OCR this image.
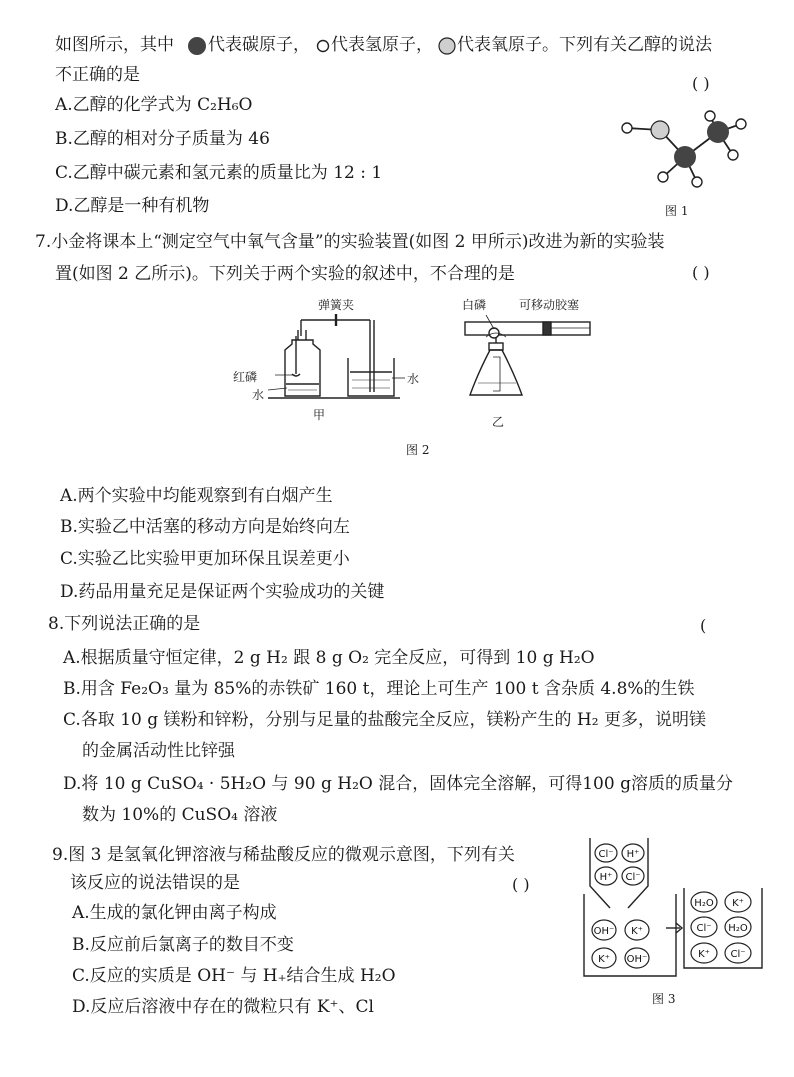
如图所示，其中 代表碳原子， 代表氢原子， 代表氧原子。下列有关乙醇的说法
不正确的是	( )
A.乙醇的化学式为 C₂H₆O
B.乙醇的相对分子质量为 46
C.乙醇中碳元素和氢元素的质量比为 12 : 1
D.乙醇是一种有机物	图 1
7.小金将课本上“测定空气中氧气含量”的实验装置(如图 2 甲所示)改进为新的实验装
置(如图 2 乙所示)。下列关于两个实验的叙述中，不合理的是	( )
弹簧夹
红磷
水
水
甲
白磷	可移动胶塞
乙
图 2
A.两个实验中均能观察到有白烟产生
B.实验乙中活塞的移动方向是始终向左
C.实验乙比实验甲更加环保且误差更小
D.药品用量充足是保证两个实验成功的关键
8.下列说法正确的是	(
A.根据质量守恒定律，2 g H₂ 跟 8 g O₂ 完全反应，可得到 10 g H₂O
B.用含 Fe₂O₃ 量为 85%的赤铁矿 160 t，理论上可生产 100 t 含杂质 4.8%的生铁
C.各取 10 g 镁粉和锌粉，分别与足量的盐酸完全反应，镁粉产生的 H₂ 更多，说明镁
的金属活动性比锌强
D.将 10 g CuSO₄ · 5H₂O 与 90 g H₂O 混合，固体完全溶解，可得100 g溶质的质量分
数为 10%的 CuSO₄ 溶液
9.图 3 是氢氧化钾溶液与稀盐酸反应的微观示意图，下列有关
该反应的说法错误的是	( )
A.生成的氯化钾由离子构成
B.反应前后氯离子的数目不变
C.反应的实质是 OH⁻ 与 H₊结合生成 H₂O
D.反应后溶液中存在的微粒只有 K⁺、Cl
Cl⁻ H⁺
H⁺ Cl⁻
OH⁻ K⁺
K⁺ OH⁻
H₂O K⁺
Cl⁻ H₂O
K⁺ Cl⁻
图 3
